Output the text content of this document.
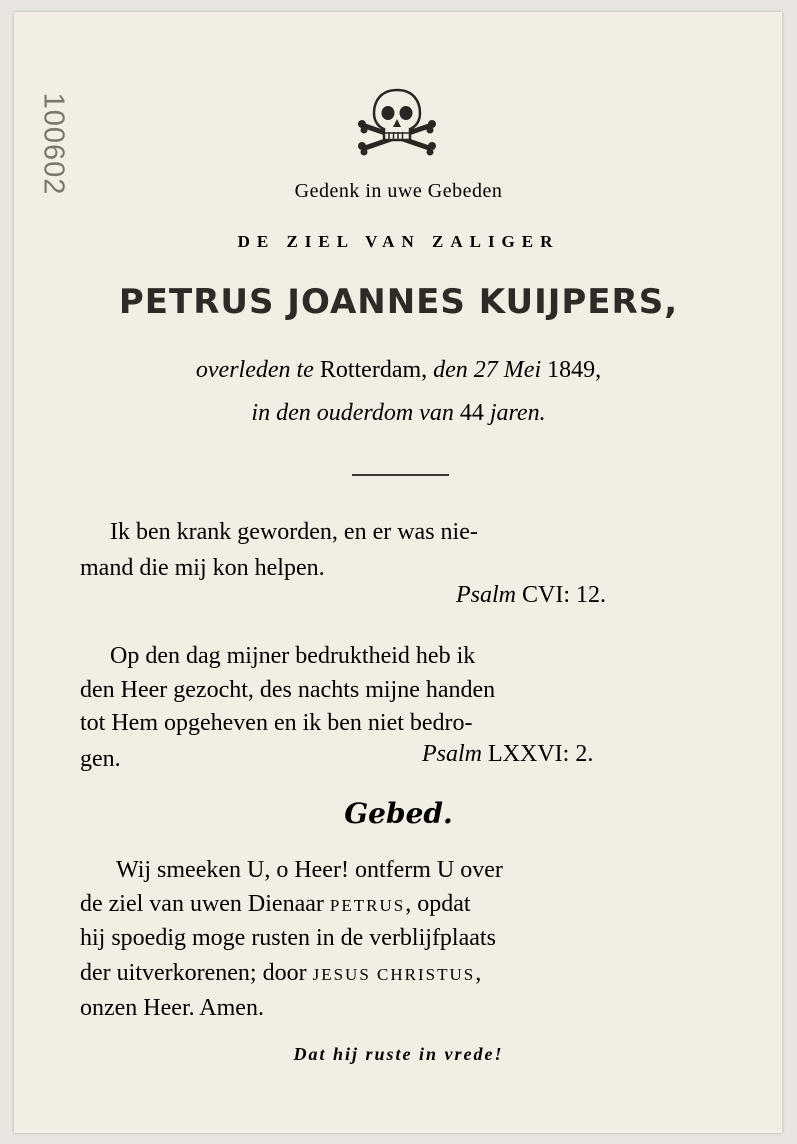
100602	Gedenk in uwe Gebeden
DE ZIEL VAN ZALIGER
PETRUS JOANNES KUIJPERS,
overleden te Rotterdam, den 27 Mei 1849,
in den ouderdom van 44 jaren.
Ik ben krank geworden, en er was nie-
mand die mij kon helpen.
Psalm CVI: 12.
Op den dag mijner bedruktheid heb ik
den Heer gezocht, des nachts mijne handen
tot Hem opgeheven en ik ben niet bedro-
gen.	Psalm LXXVI: 2.
Gebed.
Wij smeeken U, o Heer! ontferm U over
de ziel van uwen Dienaar PETRUS, opdat
hij spoedig moge rusten in de verblijfplaats
der uitverkorenen; door JESUS CHRISTUS,
onzen Heer. Amen.
Dat hij ruste in vrede!
